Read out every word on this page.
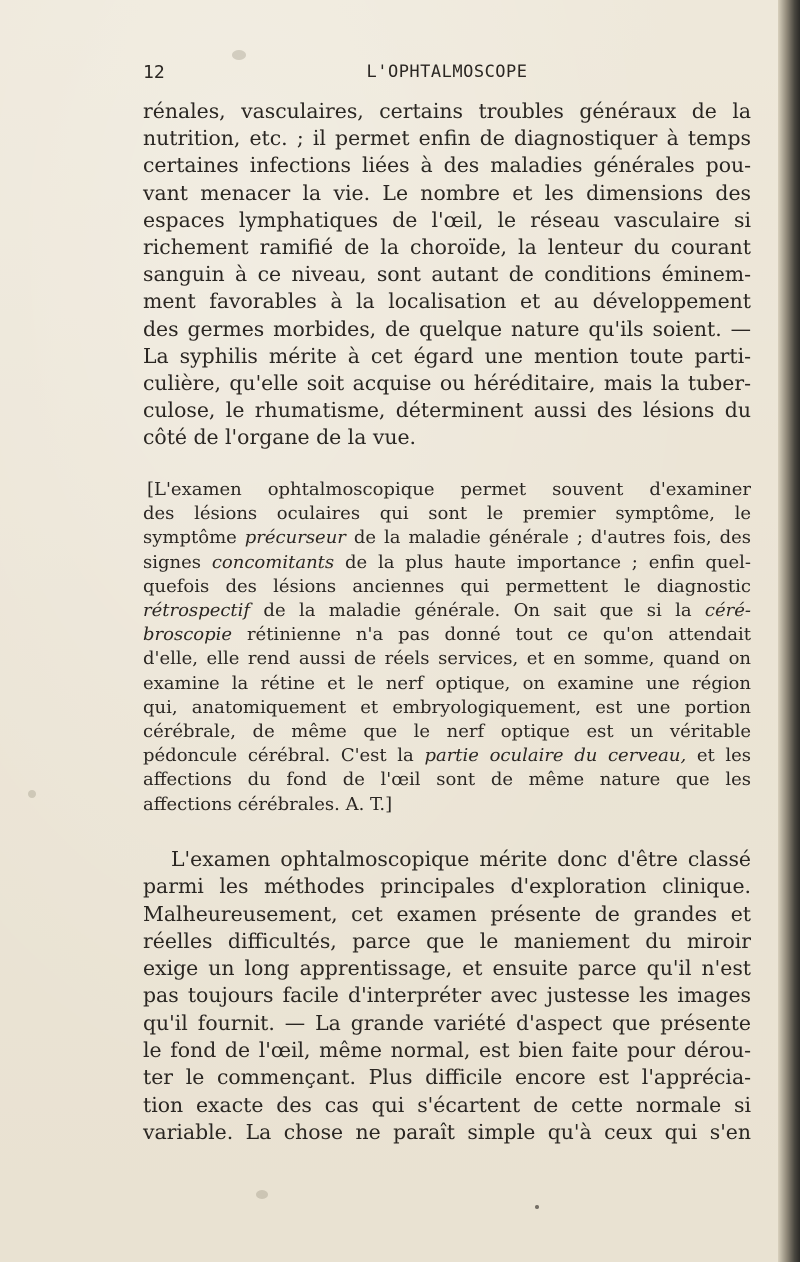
12	L'OPHTALMOSCOPE
rénales, vasculaires, certains troubles généraux de la
nutrition, etc. ; il permet enfin de diagnostiquer à temps
certaines infections liées à des maladies générales pou-
vant menacer la vie. Le nombre et les dimensions des
espaces lymphatiques de l'œil, le réseau vasculaire si
richement ramifié de la choroïde, la lenteur du courant
sanguin à ce niveau, sont autant de conditions éminem-
ment favorables à la localisation et au développement
des germes morbides, de quelque nature qu'ils soient. —
La syphilis mérite à cet égard une mention toute parti-
culière, qu'elle soit acquise ou héréditaire, mais la tuber-
culose, le rhumatisme, déterminent aussi des lésions du
côté de l'organe de la vue.
[L'examen ophtalmoscopique permet souvent d'examiner
des lésions oculaires qui sont le premier symptôme, le
symptôme précurseur de la maladie générale ; d'autres fois, des
signes concomitants de la plus haute importance ; enfin quel-
quefois des lésions anciennes qui permettent le diagnostic
rétrospectif de la maladie générale. On sait que si la céré-
broscopie rétinienne n'a pas donné tout ce qu'on attendait
d'elle, elle rend aussi de réels services, et en somme, quand on
examine la rétine et le nerf optique, on examine une région
qui, anatomiquement et embryologiquement, est une portion
cérébrale, de même que le nerf optique est un véritable
pédoncule cérébral. C'est la partie oculaire du cerveau, et les
affections du fond de l'œil sont de même nature que les
affections cérébrales. A. T.]
L'examen ophtalmoscopique mérite donc d'être classé
parmi les méthodes principales d'exploration clinique.
Malheureusement, cet examen présente de grandes et
réelles difficultés, parce que le maniement du miroir
exige un long apprentissage, et ensuite parce qu'il n'est
pas toujours facile d'interpréter avec justesse les images
qu'il fournit. — La grande variété d'aspect que présente
le fond de l'œil, même normal, est bien faite pour dérou-
ter le commençant. Plus difficile encore est l'apprécia-
tion exacte des cas qui s'écartent de cette normale si
variable. La chose ne paraît simple qu'à ceux qui s'en
